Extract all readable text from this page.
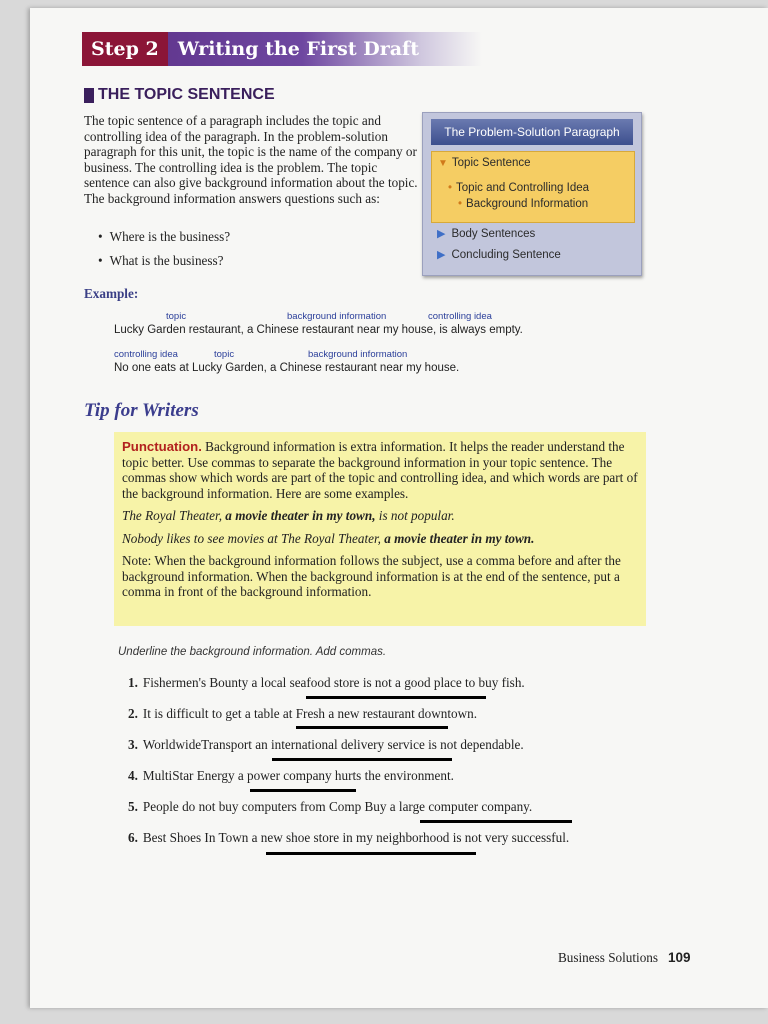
Step 2	Writing the First Draft
THE TOPIC SENTENCE
The topic sentence of a paragraph includes the topic and controlling idea of the paragraph. In the problem-solution paragraph for this unit, the topic is the name of the company or business. The controlling idea is the problem. The topic sentence can also give background information about the topic. The background information answers questions such as:
• Where is the business?
• What is the business?
The Problem-Solution Paragraph
▼ Topic Sentence
• Topic and Controlling Idea
• Background Information
▶ Body Sentences
▶ Concluding Sentence
Example:
topic	background information	controlling idea
Lucky Garden restaurant, a Chinese restaurant near my house, is always empty.
controlling idea	topic	background information
No one eats at Lucky Garden, a Chinese restaurant near my house.
Tip for Writers

Punctuation. Background information is extra information. It helps the reader understand the topic better. Use commas to separate the background information in your topic sentence. The commas show which words are part of the topic and controlling idea, and which words are part of the background information. Here are some examples.

The Royal Theater, a movie theater in my town, is not popular.

Nobody likes to see movies at The Royal Theater, a movie theater in my town.

Note: When the background information follows the subject, use a comma before and after the background information. When the background information is at the end of the sentence, put a comma in front of the background information.

Underline the background information. Add commas.
1. Fishermen's Bounty a local seafood store is not a good place to buy fish.
2. It is difficult to get a table at Fresh a new restaurant downtown.
3. WorldwideTransport an international delivery service is not dependable.
4. MultiStar Energy a power company hurts the environment.
5. People do not buy computers from Comp Buy a large computer company.
6. Best Shoes In Town a new shoe store in my neighborhood is not very successful.
Business Solutions 109
